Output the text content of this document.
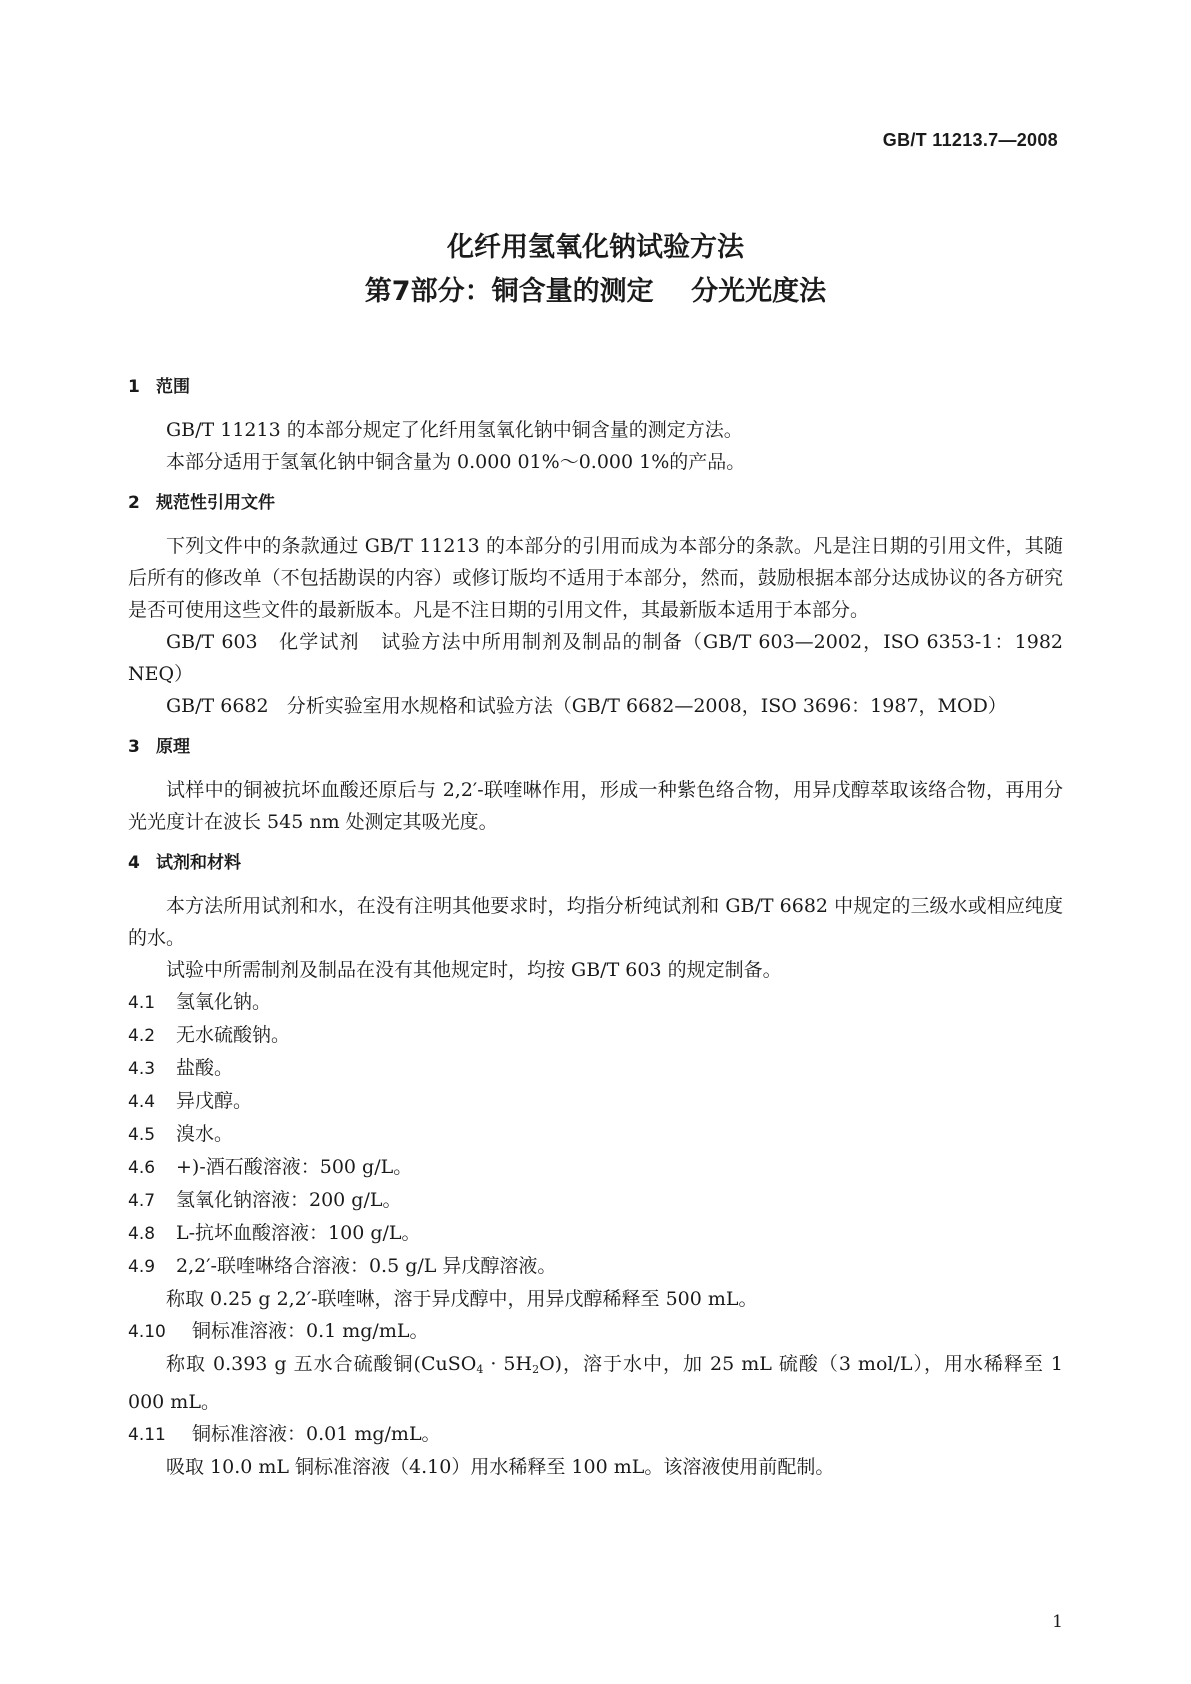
GB/T 11213.7—2008
化纤用氢氧化钠试验方法
第7部分：铜含量的测定    分光光度法
1 范围

GB/T 11213 的本部分规定了化纤用氢氧化钠中铜含量的测定方法。

本部分适用于氢氧化钠中铜含量为 0.000 01%～0.000 1%的产品。

2 规范性引用文件

下列文件中的条款通过 GB/T 11213 的本部分的引用而成为本部分的条款。凡是注日期的引用文件，其随后所有的修改单（不包括勘误的内容）或修订版均不适用于本部分，然而，鼓励根据本部分达成协议的各方研究是否可使用这些文件的最新版本。凡是不注日期的引用文件，其最新版本适用于本部分。

GB/T 603   化学试剂   试验方法中所用制剂及制品的制备（GB/T 603—2002，ISO 6353-1：1982 NEQ）

GB/T 6682   分析实验室用水规格和试验方法（GB/T 6682—2008，ISO 3696：1987，MOD）

3 原理

试样中的铜被抗坏血酸还原后与 2,2′-联喹啉作用，形成一种紫色络合物，用异戊醇萃取该络合物，再用分光光度计在波长 545 nm 处测定其吸光度。

4 试剂和材料

本方法所用试剂和水，在没有注明其他要求时，均指分析纯试剂和 GB/T 6682 中规定的三级水或相应纯度的水。

试验中所需制剂及制品在没有其他规定时，均按 GB/T 603 的规定制备。

4.1 氢氧化钠。
4.2 无水硫酸钠。
4.3 盐酸。
4.4 异戊醇。
4.5 溴水。
4.6 +)-酒石酸溶液：500 g/L。
4.7 氢氧化钠溶液：200 g/L。
4.8 L-抗坏血酸溶液：100 g/L。
4.9 2,2′-联喹啉络合溶液：0.5 g/L 异戊醇溶液。

称取 0.25 g 2,2′-联喹啉，溶于异戊醇中，用异戊醇稀释至 500 mL。

4.10 铜标准溶液：0.1 mg/mL。

称取 0.393 g 五水合硫酸铜(CuSO$_4$ · $5H_2O$)，溶于水中，加 25 mL 硫酸（3 mol/L），用水稀释至 1 000 mL。

4.11 铜标准溶液：0.01 mg/mL。

吸取 10.0 mL 铜标准溶液（4.10）用水稀释至 100 mL。该溶液使用前配制。

1
